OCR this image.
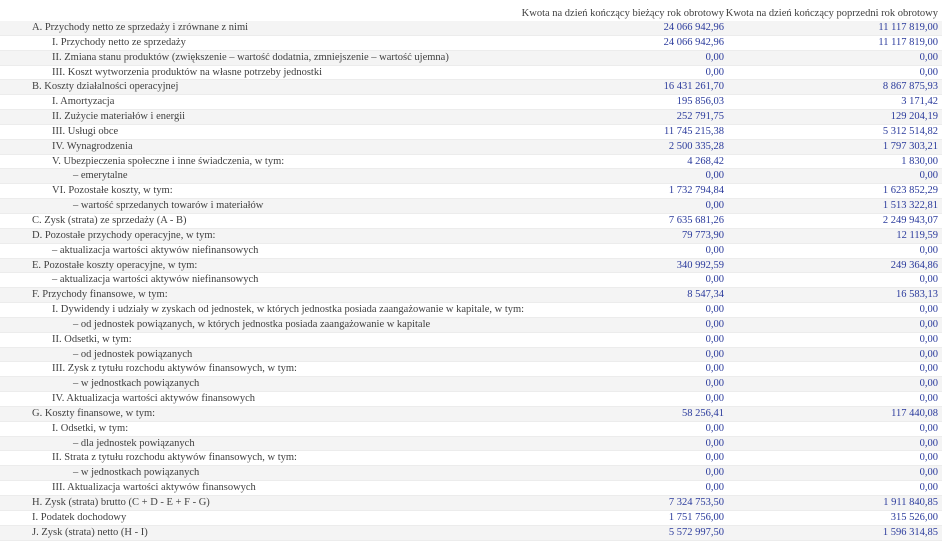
Kwota na dzień kończący bieżący rok obrotowy Kwota na dzień kończący poprzedni rok obrotowy
A. Przychody netto ze sprzedaży i zrównane z nimi	24 066 942,96	11 117 819,00
I. Przychody netto ze sprzedaży	24 066 942,96	11 117 819,00
II. Zmiana stanu produktów (zwiększenie – wartość dodatnia, zmniejszenie – wartość ujemna)	0,00	0,00
III. Koszt wytworzenia produktów na własne potrzeby jednostki	0,00	0,00
B. Koszty działalności operacyjnej	16 431 261,70	8 867 875,93
I. Amortyzacja	195 856,03	3 171,42
II. Zużycie materiałów i energii	252 791,75	129 204,19
III. Usługi obce	11 745 215,38	5 312 514,82
IV. Wynagrodzenia	2 500 335,28	1 797 303,21
V. Ubezpieczenia społeczne i inne świadczenia, w tym:	4 268,42	1 830,00
– emerytalne	0,00	0,00
VI. Pozostałe koszty, w tym:	1 732 794,84	1 623 852,29
– wartość sprzedanych towarów i materiałów	0,00	1 513 322,81
C. Zysk (strata) ze sprzedaży (A - B)	7 635 681,26	2 249 943,07
D. Pozostałe przychody operacyjne, w tym:	79 773,90	12 119,59
– aktualizacja wartości aktywów niefinansowych	0,00	0,00
E. Pozostałe koszty operacyjne, w tym:	340 992,59	249 364,86
– aktualizacja wartości aktywów niefinansowych	0,00	0,00
F. Przychody finansowe, w tym:	8 547,34	16 583,13
I. Dywidendy i udziały w zyskach od jednostek, w których jednostka posiada zaangażowanie w kapitale, w tym:	0,00	0,00
– od jednostek powiązanych, w których jednostka posiada zaangażowanie w kapitale	0,00	0,00
II. Odsetki, w tym:	0,00	0,00
– od jednostek powiązanych	0,00	0,00
III. Zysk z tytułu rozchodu aktywów finansowych, w tym:	0,00	0,00
– w jednostkach powiązanych	0,00	0,00
IV. Aktualizacja wartości aktywów finansowych	0,00	0,00
G. Koszty finansowe, w tym:	58 256,41	117 440,08
I. Odsetki, w tym:	0,00	0,00
– dla jednostek powiązanych	0,00	0,00
II. Strata z tytułu rozchodu aktywów finansowych, w tym:	0,00	0,00
– w jednostkach powiązanych	0,00	0,00
III. Aktualizacja wartości aktywów finansowych	0,00	0,00
H. Zysk (strata) brutto (C + D - E + F - G)	7 324 753,50	1 911 840,85
I. Podatek dochodowy	1 751 756,00	315 526,00
J. Zysk (strata) netto (H - I)	5 572 997,50	1 596 314,85
